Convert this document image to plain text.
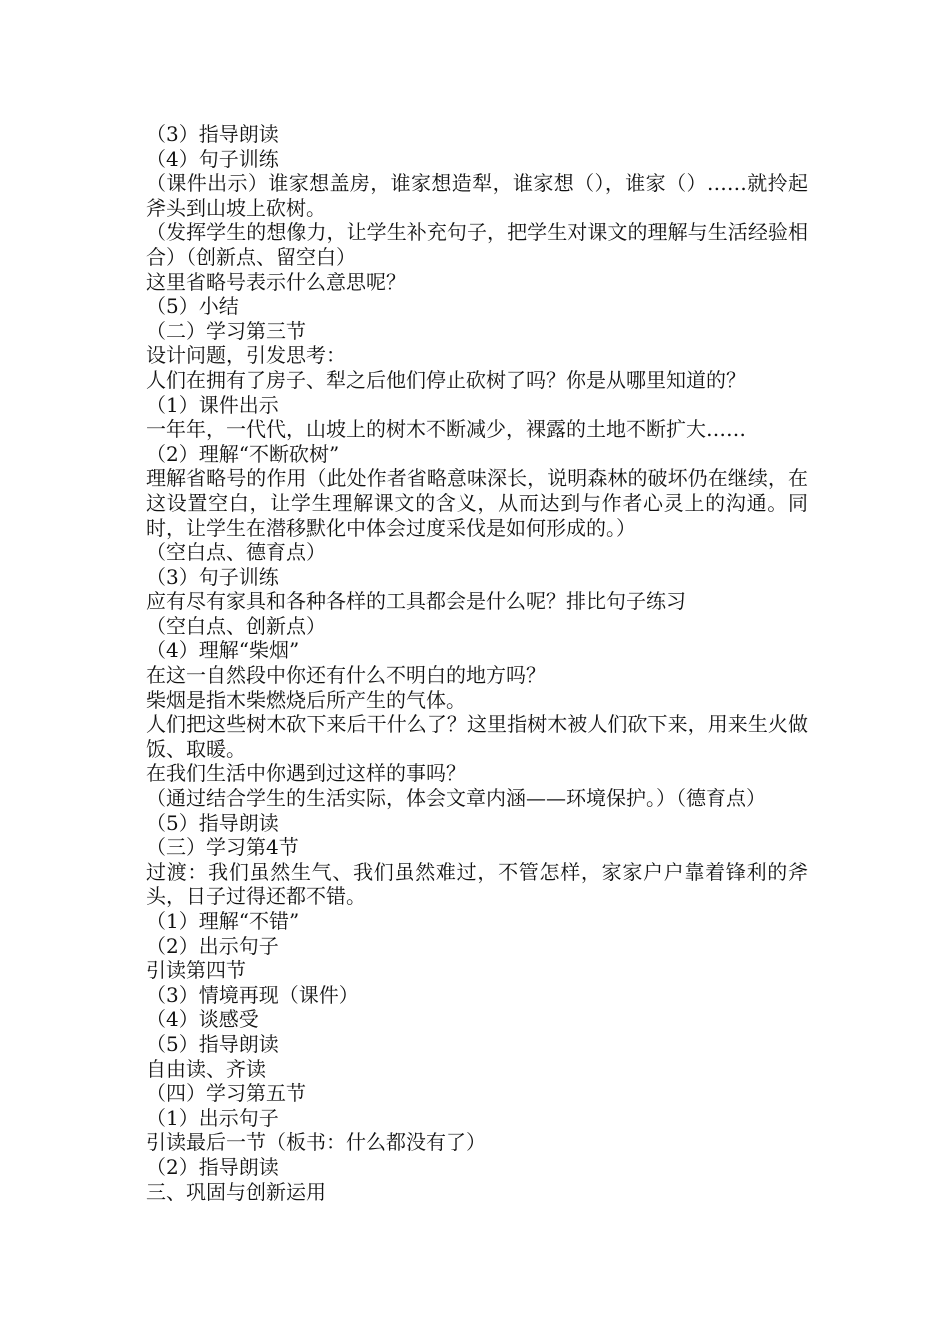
（3）指导朗读

（4）句子训练

（课件出示）谁家想盖房，谁家想造犁，谁家想（），谁家（）……就拎起斧头到山坡上砍树。

（发挥学生的想像力，让学生补充句子，把学生对课文的理解与生活经验相合）（创新点、留空白）

这里省略号表示什么意思呢？

（5）小结

（二）学习第三节

设计问题，引发思考：

人们在拥有了房子、犁之后他们停止砍树了吗？你是从哪里知道的？

（1）课件出示

一年年，一代代，山坡上的树木不断减少，裸露的土地不断扩大……

（2）理解“不断砍树”

理解省略号的作用（此处作者省略意味深长，说明森林的破坏仍在继续，在这设置空白，让学生理解课文的含义，从而达到与作者心灵上的沟通。同时，让学生在潜移默化中体会过度采伐是如何形成的。）

（空白点、德育点）

（3）句子训练

应有尽有家具和各种各样的工具都会是什么呢？排比句子练习

（空白点、创新点）

（4）理解“柴烟”

在这一自然段中你还有什么不明白的地方吗？

柴烟是指木柴燃烧后所产生的气体。

人们把这些树木砍下来后干什么了？这里指树木被人们砍下来，用来生火做饭、取暖。

在我们生活中你遇到过这样的事吗？

（通过结合学生的生活实际，体会文章内涵——环境保护。）（德育点）

（5）指导朗读

（三）学习第4节

过渡：我们虽然生气、我们虽然难过，不管怎样，家家户户靠着锋利的斧头，日子过得还都不错。

（1）理解“不错”

（2）出示句子

引读第四节

（3）情境再现（课件）

（4）谈感受

（5）指导朗读

自由读、齐读

（四）学习第五节

（1）出示句子

引读最后一节（板书：什么都没有了）

（2）指导朗读

三、巩固与创新运用
